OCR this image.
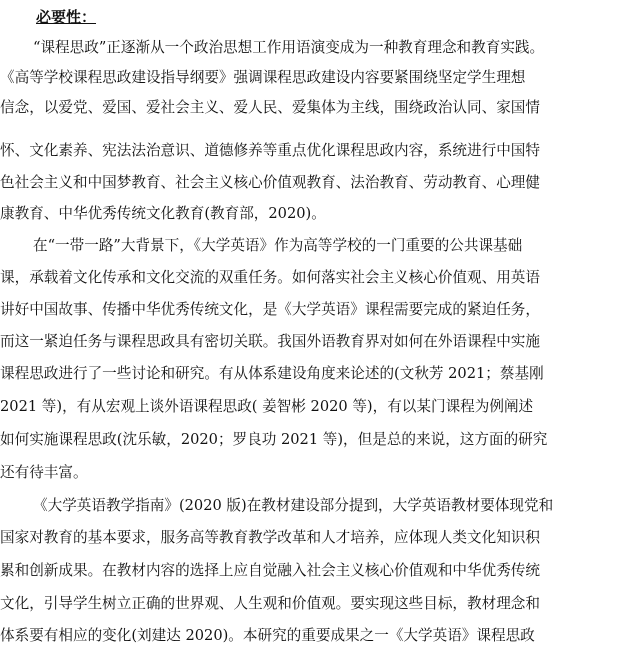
必要性：
“课程思政”正逐渐从一个政治思想工作用语演变成为一种教育理念和教育实践。
《高等学校课程思政建设指导纲要》强调课程思政建设内容要紧围绕坚定学生理想
信念，以爱党、爱国、爱社会主义、爱人民、爱集体为主线，围绕政治认同、家国情
怀、文化素养、宪法法治意识、道德修养等重点优化课程思政内容，系统进行中国特
色社会主义和中国梦教育、社会主义核心价值观教育、法治教育、劳动教育、心理健
康教育、中华优秀传统文化教育(教育部，2020)。
在“一带一路”大背景下，《大学英语》作为高等学校的一门重要的公共课基础
课，承载着文化传承和文化交流的双重任务。如何落实社会主义核心价值观、用英语
讲好中国故事、传播中华优秀传统文化，是《大学英语》课程需要完成的紧迫任务，
而这一紧迫任务与课程思政具有密切关联。我国外语教育界对如何在外语课程中实施
课程思政进行了一些讨论和研究。有从体系建设角度来论述的(文秋芳 2021；蔡基刚
2021 等)，有从宏观上谈外语课程思政( 姜智彬 2020 等)，有以某门课程为例阐述
如何实施课程思政(沈乐敏，2020；罗良功 2021 等)，但是总的来说，这方面的研究
还有待丰富。
《大学英语教学指南》(2020 版)在教材建设部分提到，大学英语教材要体现党和
国家对教育的基本要求，服务高等教育教学改革和人才培养，应体现人类文化知识积
累和创新成果。在教材内容的选择上应自觉融入社会主义核心价值观和中华优秀传统
文化，引导学生树立正确的世界观、人生观和价值观。要实现这些目标，教材理念和
体系要有相应的变化(刘建达 2020)。本研究的重要成果之一《大学英语》课程思政
